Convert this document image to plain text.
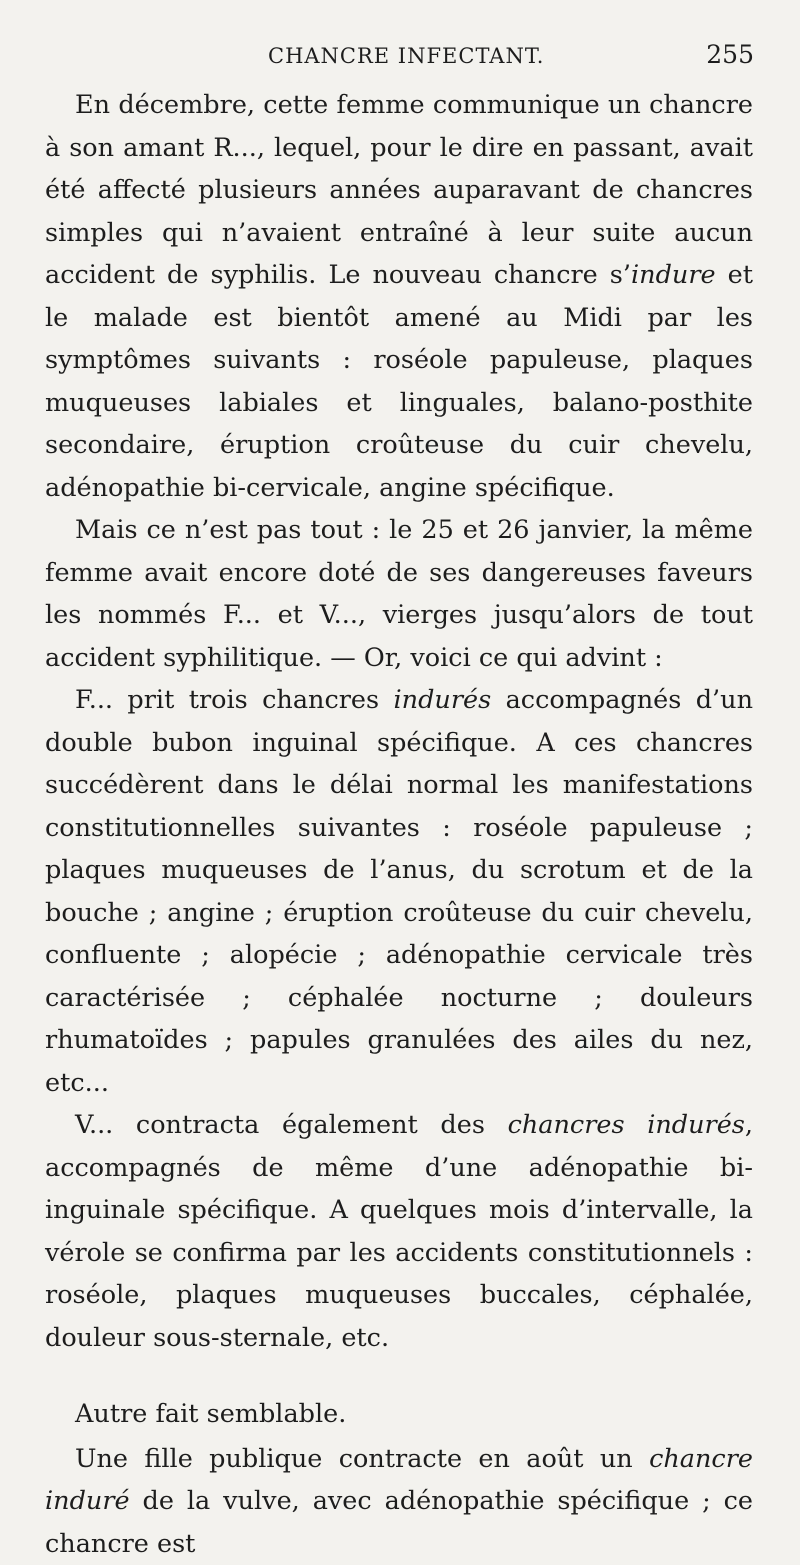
CHANCRE INFECTANT.	255

En décembre, cette femme communique un chancre à son amant R..., lequel, pour le dire en passant, avait été affecté plusieurs années auparavant de chancres simples qui n’avaient entraîné à leur suite aucun accident de syphilis. Le nouveau chancre s’indure et le malade est bientôt amené au Midi par les symptômes suivants : roséole papuleuse, plaques muqueuses labiales et linguales, balano-posthite secondaire, éruption croûteuse du cuir chevelu, adénopathie bi-cervicale, angine spécifique.

Mais ce n’est pas tout : le 25 et 26 janvier, la même femme avait encore doté de ses dangereuses faveurs les nommés F... et V..., vierges jusqu’alors de tout accident syphilitique. — Or, voici ce qui advint :

F... prit trois chancres indurés accompagnés d’un double bubon inguinal spécifique. A ces chancres succédèrent dans le délai normal les manifestations constitutionnelles suivantes : roséole papuleuse ; plaques muqueuses de l’anus, du scrotum et de la bouche ; angine ; éruption croûteuse du cuir chevelu, confluente ; alopécie ; adénopathie cervicale très caractérisée ; céphalée nocturne ; douleurs rhumatoïdes ; papules granulées des ailes du nez, etc...

V... contracta également des chancres indurés, accompagnés de même d’une adénopathie bi-inguinale spécifique. A quelques mois d’intervalle, la vérole se confirma par les accidents constitutionnels : roséole, plaques muqueuses buccales, céphalée, douleur sous-sternale, etc.

Autre fait semblable.

Une fille publique contracte en août un chancre induré de la vulve, avec adénopathie spécifique ; ce chancre est
